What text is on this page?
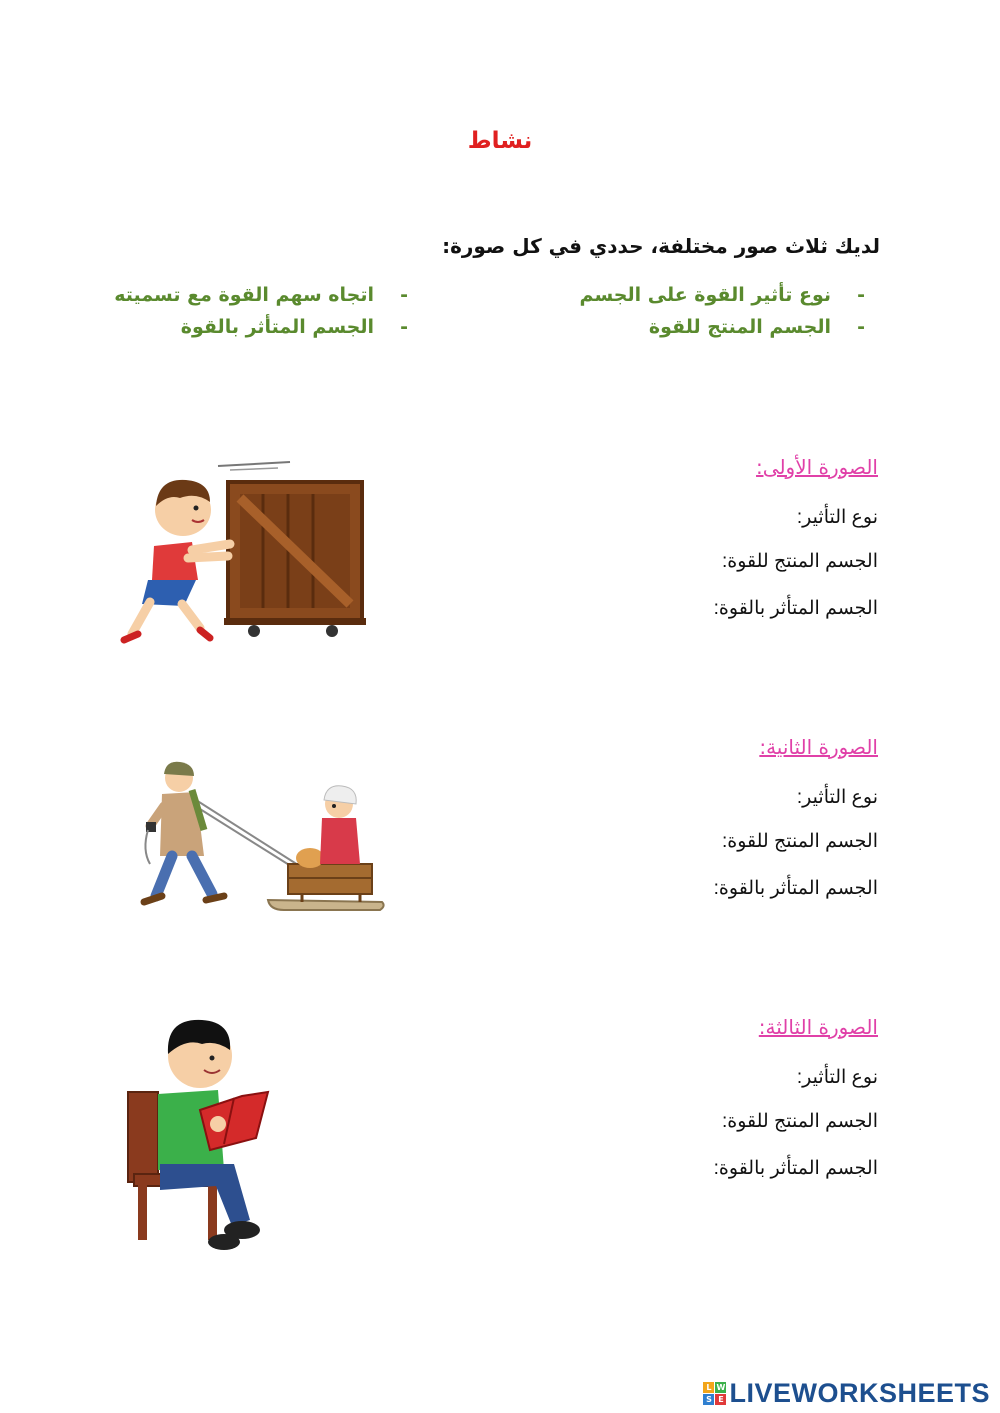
نشاط
لديك ثلاث صور مختلفة، حددي في كل صورة:
-نوع تأثير القوة على الجسم
-الجسم المنتج للقوة
-اتجاه سهم القوة مع تسميته
-الجسم المتأثر بالقوة
الصورة الأولى:
نوع التأثير:
الجسم المنتج للقوة:
الجسم المتأثر بالقوة:
الصورة الثانية:
نوع التأثير:
الجسم المنتج للقوة:
الجسم المتأثر بالقوة:
الصورة الثالثة:
نوع التأثير:
الجسم المنتج للقوة:
الجسم المتأثر بالقوة:
L W
S E LIVEWORKSHEETS
